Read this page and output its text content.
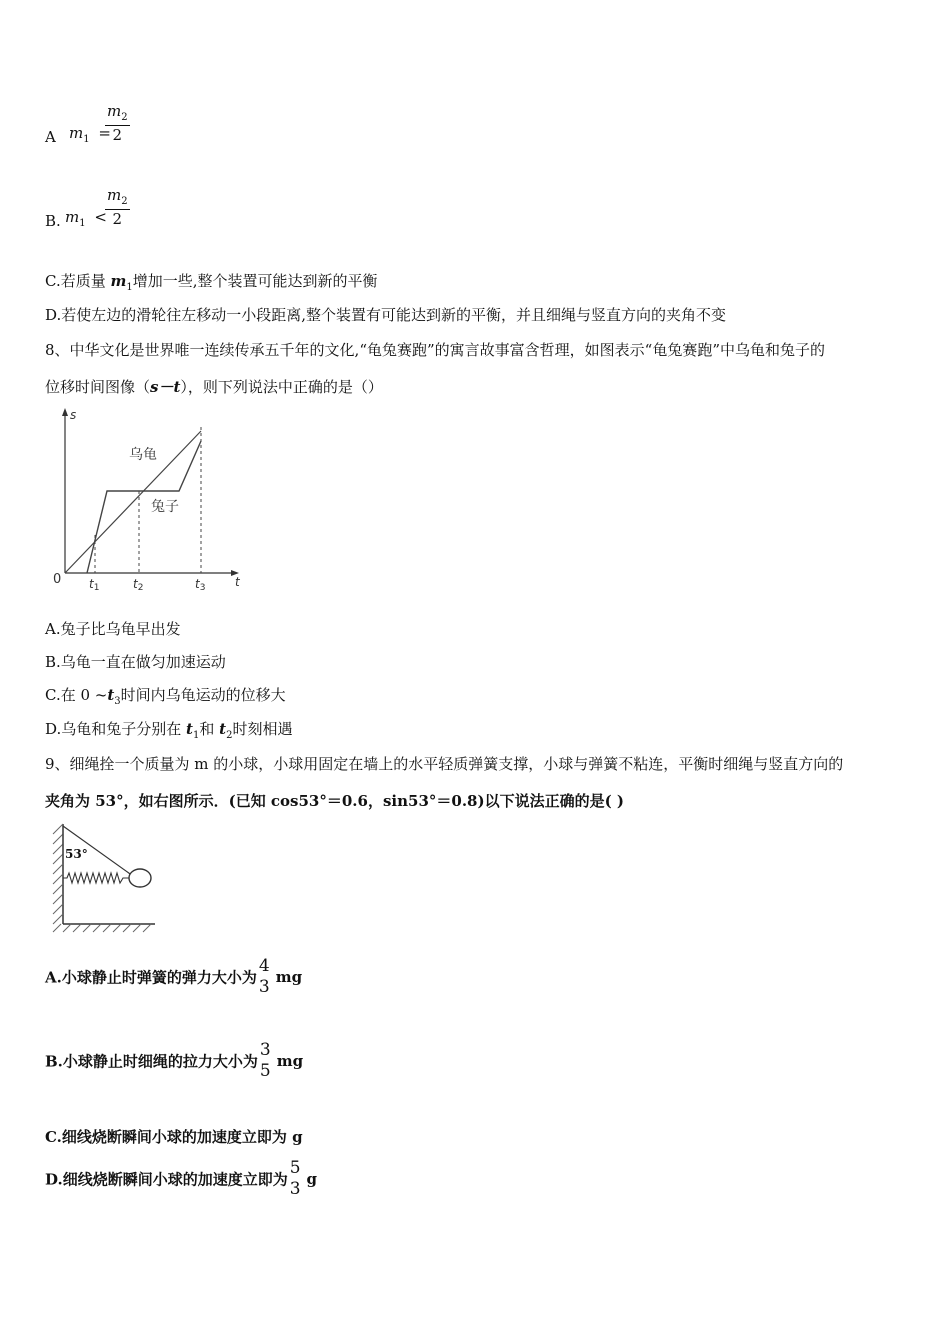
A $m_1$ =
$\frac{m_2}{2}$
B. $m_1$ <
$\frac{m_2}{2}$
C.若质量 $m_1$增加一些,整个装置可能达到新的平衡
D.若使左边的滑轮往左移动一小段距离,整个装置有可能达到新的平衡，并且细绳与竖直方向的夹角不变
8、中华文化是世界唯一连续传承五千年的文化,“龟兔赛跑”的寓言故事富含哲理，如图表示“龟兔赛跑”中乌龟和兔子的
位移时间图像（s－t），则下列说法中正确的是（）
s
t
0
乌龟
兔子
t1	t2	t3
A.兔子比乌龟早出发
B.乌龟一直在做匀加速运动
C.在 0 $\sim t_3$时间内乌龟运动的位移大
D.乌龟和兔子分别在 $t_1$和 $t_2$时刻相遇
9、细绳拴一个质量为 m 的小球，小球用固定在墙上的水平轻质弹簧支撑，小球与弹簧不粘连，平衡时细绳与竖直方向的
夹角为 53°，如右图所示．(已知 cos53°＝0.6，sin53°＝0.8)以下说法正确的是( )
53°
A.小球静止时弹簧的弹力大小为
4
3 mg
B.小球静止时细绳的拉力大小为
3
5 mg
C.细线烧断瞬间小球的加速度立即为 g
D.细线烧断瞬间小球的加速度立即为
5
3 g
